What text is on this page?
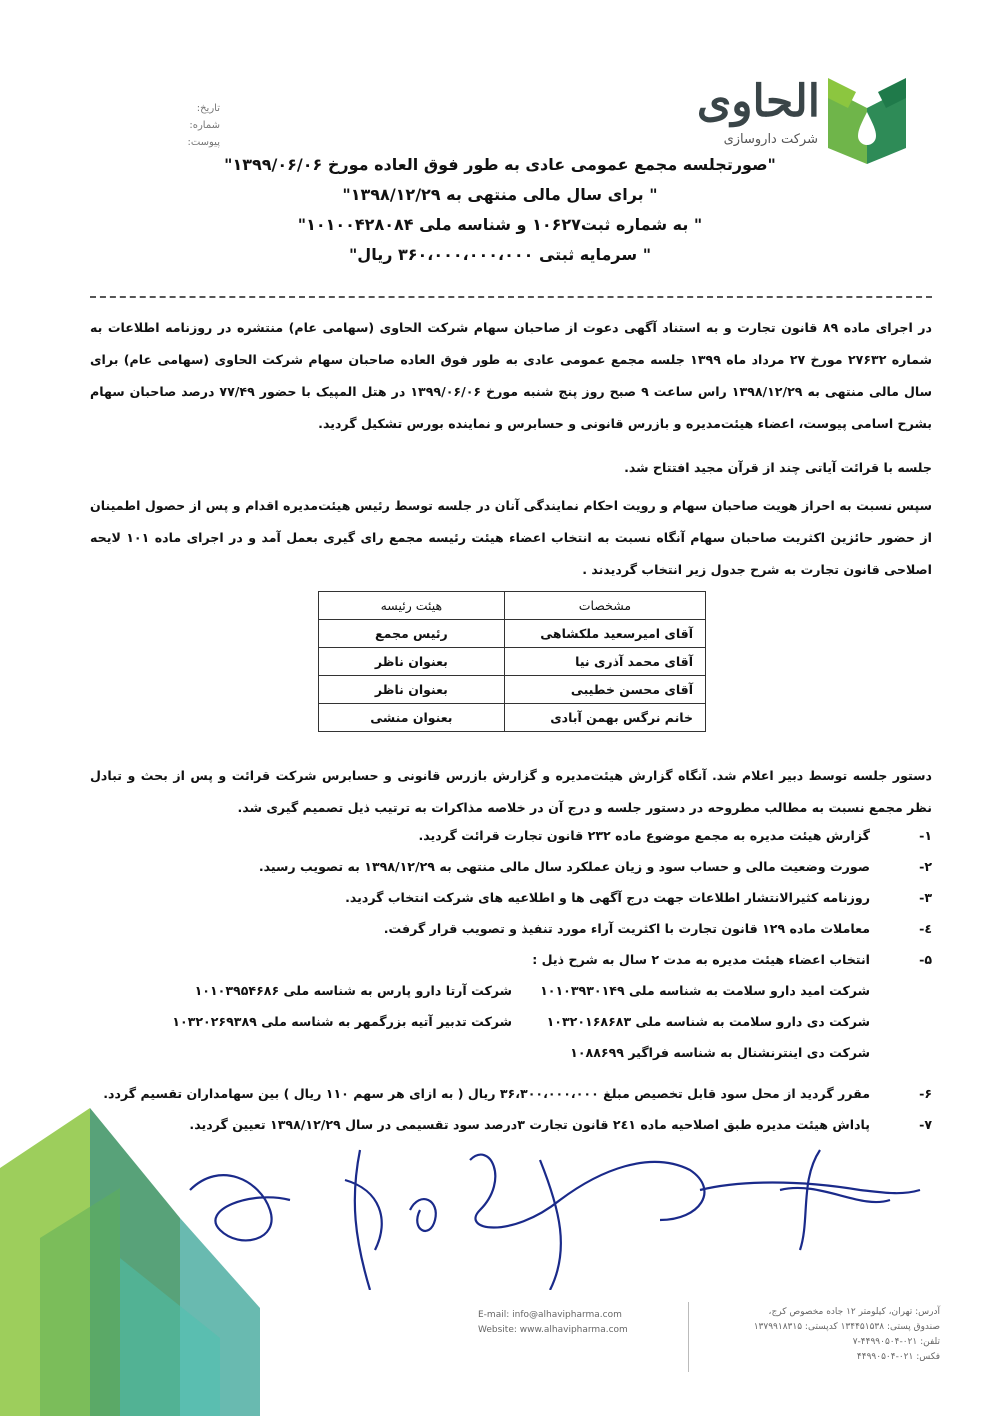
الحاوی
شرکت داروسازی
تاریخ:
شماره:
پیوست:
"صورتجلسه مجمع عمومی عادی به طور فوق العاده مورخ ۱۳۹۹/۰۶/۰۶"
" برای سال مالی منتهی به ۱۳۹۸/۱۲/۲۹"
" به شماره ثبت۱۰۶۲۷ و شناسه ملی ۱۰۱۰۰۴۲۸۰۸۴"
" سرمایه ثبتی ۳۶۰،۰۰۰،۰۰۰،۰۰۰ ریال"
در اجرای ماده ۸۹ قانون تجارت و به استناد آگهی دعوت از صاحبان سهام شرکت الحاوی (سهامی عام) منتشره در روزنامه اطلاعات به شماره ۲۷۶۳۲ مورخ ۲۷ مرداد ماه ۱۳۹۹ جلسه مجمع عمومی عادی به طور فوق العاده صاحبان سهام شرکت الحاوی (سهامی عام) برای سال مالی منتهی به ۱۳۹۸/۱۲/۲۹ راس ساعت ۹ صبح روز پنج شنبه مورخ ۱۳۹۹/۰۶/۰۶ در هتل المپیک با حضور ۷۷/۴۹ درصد صاحبان سهام بشرح اسامی پیوست، اعضاء هیئت‌مدیره و بازرس قانونی و حسابرس و نماینده بورس تشکیل گردید.
جلسه با قرائت آیاتی چند از قرآن مجید افتتاح شد.
سپس نسبت به احراز هویت صاحبان سهام و رویت احکام نمایندگی آنان در جلسه توسط رئیس هیئت‌مدیره اقدام و پس از حصول اطمینان از حضور حائزین اکثریت صاحبان سهام آنگاه نسبت به انتخاب اعضاء هیئت رئیسه مجمع رای گیری بعمل آمد و در اجرای ماده ۱۰۱ لایحه اصلاحی قانون تجارت به شرح جدول زیر انتخاب گردیدند .
مشخصات	هیئت رئیسه
آقای امیرسعید ملکشاهی	رئیس مجمع
آقای محمد آذری نیا	بعنوان ناظر
آقای محسن خطیبی	بعنوان ناظر
خانم نرگس بهمن آبادی	بعنوان منشی
دستور جلسه توسط دبیر اعلام شد. آنگاه گزارش هیئت‌مدیره و گزارش بازرس قانونی و حسابرس شرکت قرائت و پس از بحث و تبادل نظر مجمع نسبت به مطالب مطروحه در دستور جلسه و درج آن در خلاصه مذاکرات به ترتیب ذیل تصمیم گیری شد.
۱-
گزارش هیئت مدیره به مجمع موضوع ماده ۲۳۲ قانون تجارت قرائت گردید.
۲-
صورت وضعیت مالی و حساب سود و زیان عملکرد سال مالی منتهی به ۱۳۹۸/۱۲/۲۹ به تصویب رسید.
۳-
روزنامه کثیرالانتشار اطلاعات جهت درج آگهی ها و اطلاعیه های شرکت انتخاب گردید.
٤-
معاملات ماده ۱۲۹ قانون تجارت با اکثریت آراء مورد تنفیذ و تصویب قرار گرفت.
۵-
انتخاب اعضاء هیئت مدیره به مدت ۲ سال به شرح ذیل :
شرکت امید دارو سلامت به شناسه ملی ۱۰۱۰۳۹۳۰۱۴۹
شرکت آرتا دارو پارس به شناسه ملی ۱۰۱۰۳۹۵۴۶۸۶
شرکت دی دارو سلامت به شناسه ملی ۱۰۳۲۰۱۶۸۶۸۳
شرکت تدبیر آتیه بزرگمهر به شناسه ملی ۱۰۳۲۰۲۶۹۳۸۹
شرکت دی اینترنشنال به شناسه فراگیر ۱۰۸۸۶۹۹
۶-
مقرر گردید از محل سود قابل تخصیص مبلغ ۳۶،۳۰۰،۰۰۰،۰۰۰ ریال ( به ازای هر سهم ۱۱۰ ریال ) بین سهامداران تقسیم گردد.
۷-
پاداش هیئت مدیره طبق اصلاحیه ماده ۲٤۱ قانون تجارت ۳درصد سود تقسیمی در سال ۱۳۹۸/۱۲/۲۹ تعیین گردید.
E-mail: info@alhavipharma.com
Website: www.alhavipharma.com
آدرس: تهران، کیلومتر ۱۲ جاده مخصوص کرج،
صندوق پستی: ۱۳۴۴۵۱۵۳۸ کدپستی: ۱۳۷۹۹۱۸۳۱۵
تلفن: ۰۲۱-۴۴۹۹۰۵۰۴-۷
فکس: ۰۲۱-۴۴۹۹۰۵۰۴
